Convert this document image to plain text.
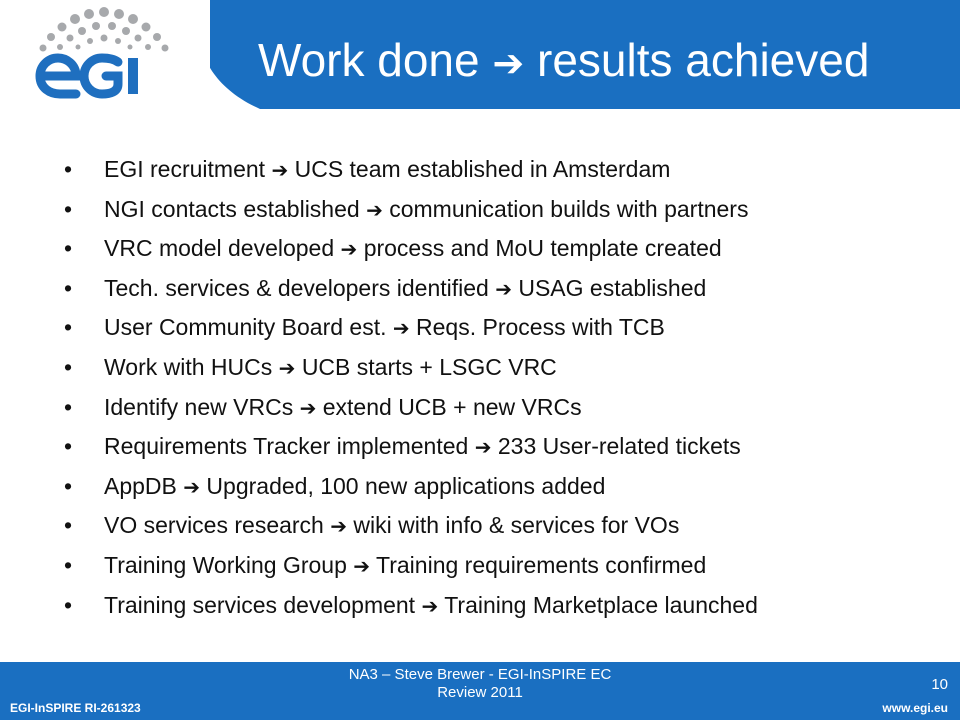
Work done ➔ results achieved
•	EGI recruitment ➔ UCS team established in Amsterdam
•	NGI contacts established ➔ communication builds with partners
•	VRC model developed ➔ process and MoU template created
•	Tech. services & developers identified ➔ USAG established
•	User Community Board est. ➔ Reqs. Process with TCB
•	Work with HUCs ➔ UCB starts + LSGC VRC
•	Identify new VRCs ➔ extend UCB + new VRCs
•	Requirements Tracker implemented ➔ 233 User-related tickets
•	AppDB ➔ Upgraded, 100 new applications added
•	VO services research ➔ wiki with info & services for VOs
•	Training Working Group ➔ Training requirements confirmed
•	Training services development ➔ Training Marketplace launched
EGI-InSPIRE RI-261323
NA3 – Steve Brewer - EGI-InSPIRE EC
Review 2011	10
www.egi.eu
